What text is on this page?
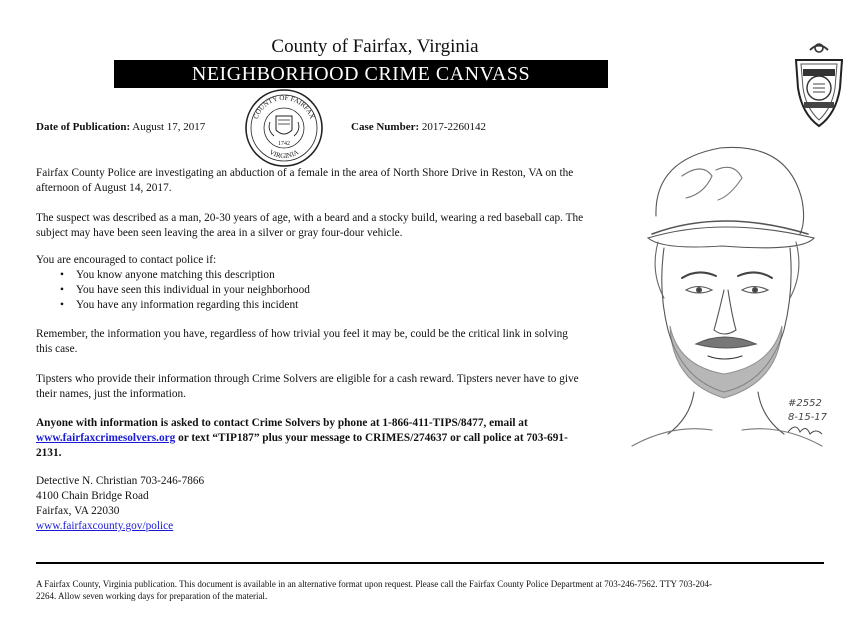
County of Fairfax, Virginia
NEIGHBORHOOD CRIME CANVASS
COUNTY OF FAIRFAX
VIRGINIA
1742
Date of Publication: August 17, 2017	Case Number: 2017-2260142

Fairfax County Police are investigating an abduction of a female in the area of North Shore Drive in Reston, VA on the afternoon of August 14, 2017.

The suspect was described as a man, 20-30 years of age, with a beard and a stocky build, wearing a red baseball cap. The subject may have been seen leaving the area in a silver or gray four-dour vehicle.

You are encouraged to contact police if:

• You know anyone matching this description
• You have seen this individual in your neighborhood
• You have any information regarding this incident

Remember, the information you have, regardless of how trivial you feel it may be, could be the critical link in solving this case.

Tipsters who provide their information through Crime Solvers are eligible for a cash reward. Tipsters never have to give their names, just the information.

Anyone with information is asked to contact Crime Solvers by phone at 1-866-411-TIPS/8477, email at
www.fairfaxcrimesolvers.org or text “TIP187” plus your message to CRIMES/274637 or call police at 703-691-2131.
Detective N. Christian 703-246-7866
4100 Chain Bridge Road
Fairfax, VA 22030
www.fairfaxcounty.gov/police
A Fairfax County, Virginia publication. This document is available in an alternative format upon request. Please call the Fairfax County Police Department at 703-246-7562. TTY 703-204-2264. Allow seven working days for preparation of the material.
#2552
8-15-17
